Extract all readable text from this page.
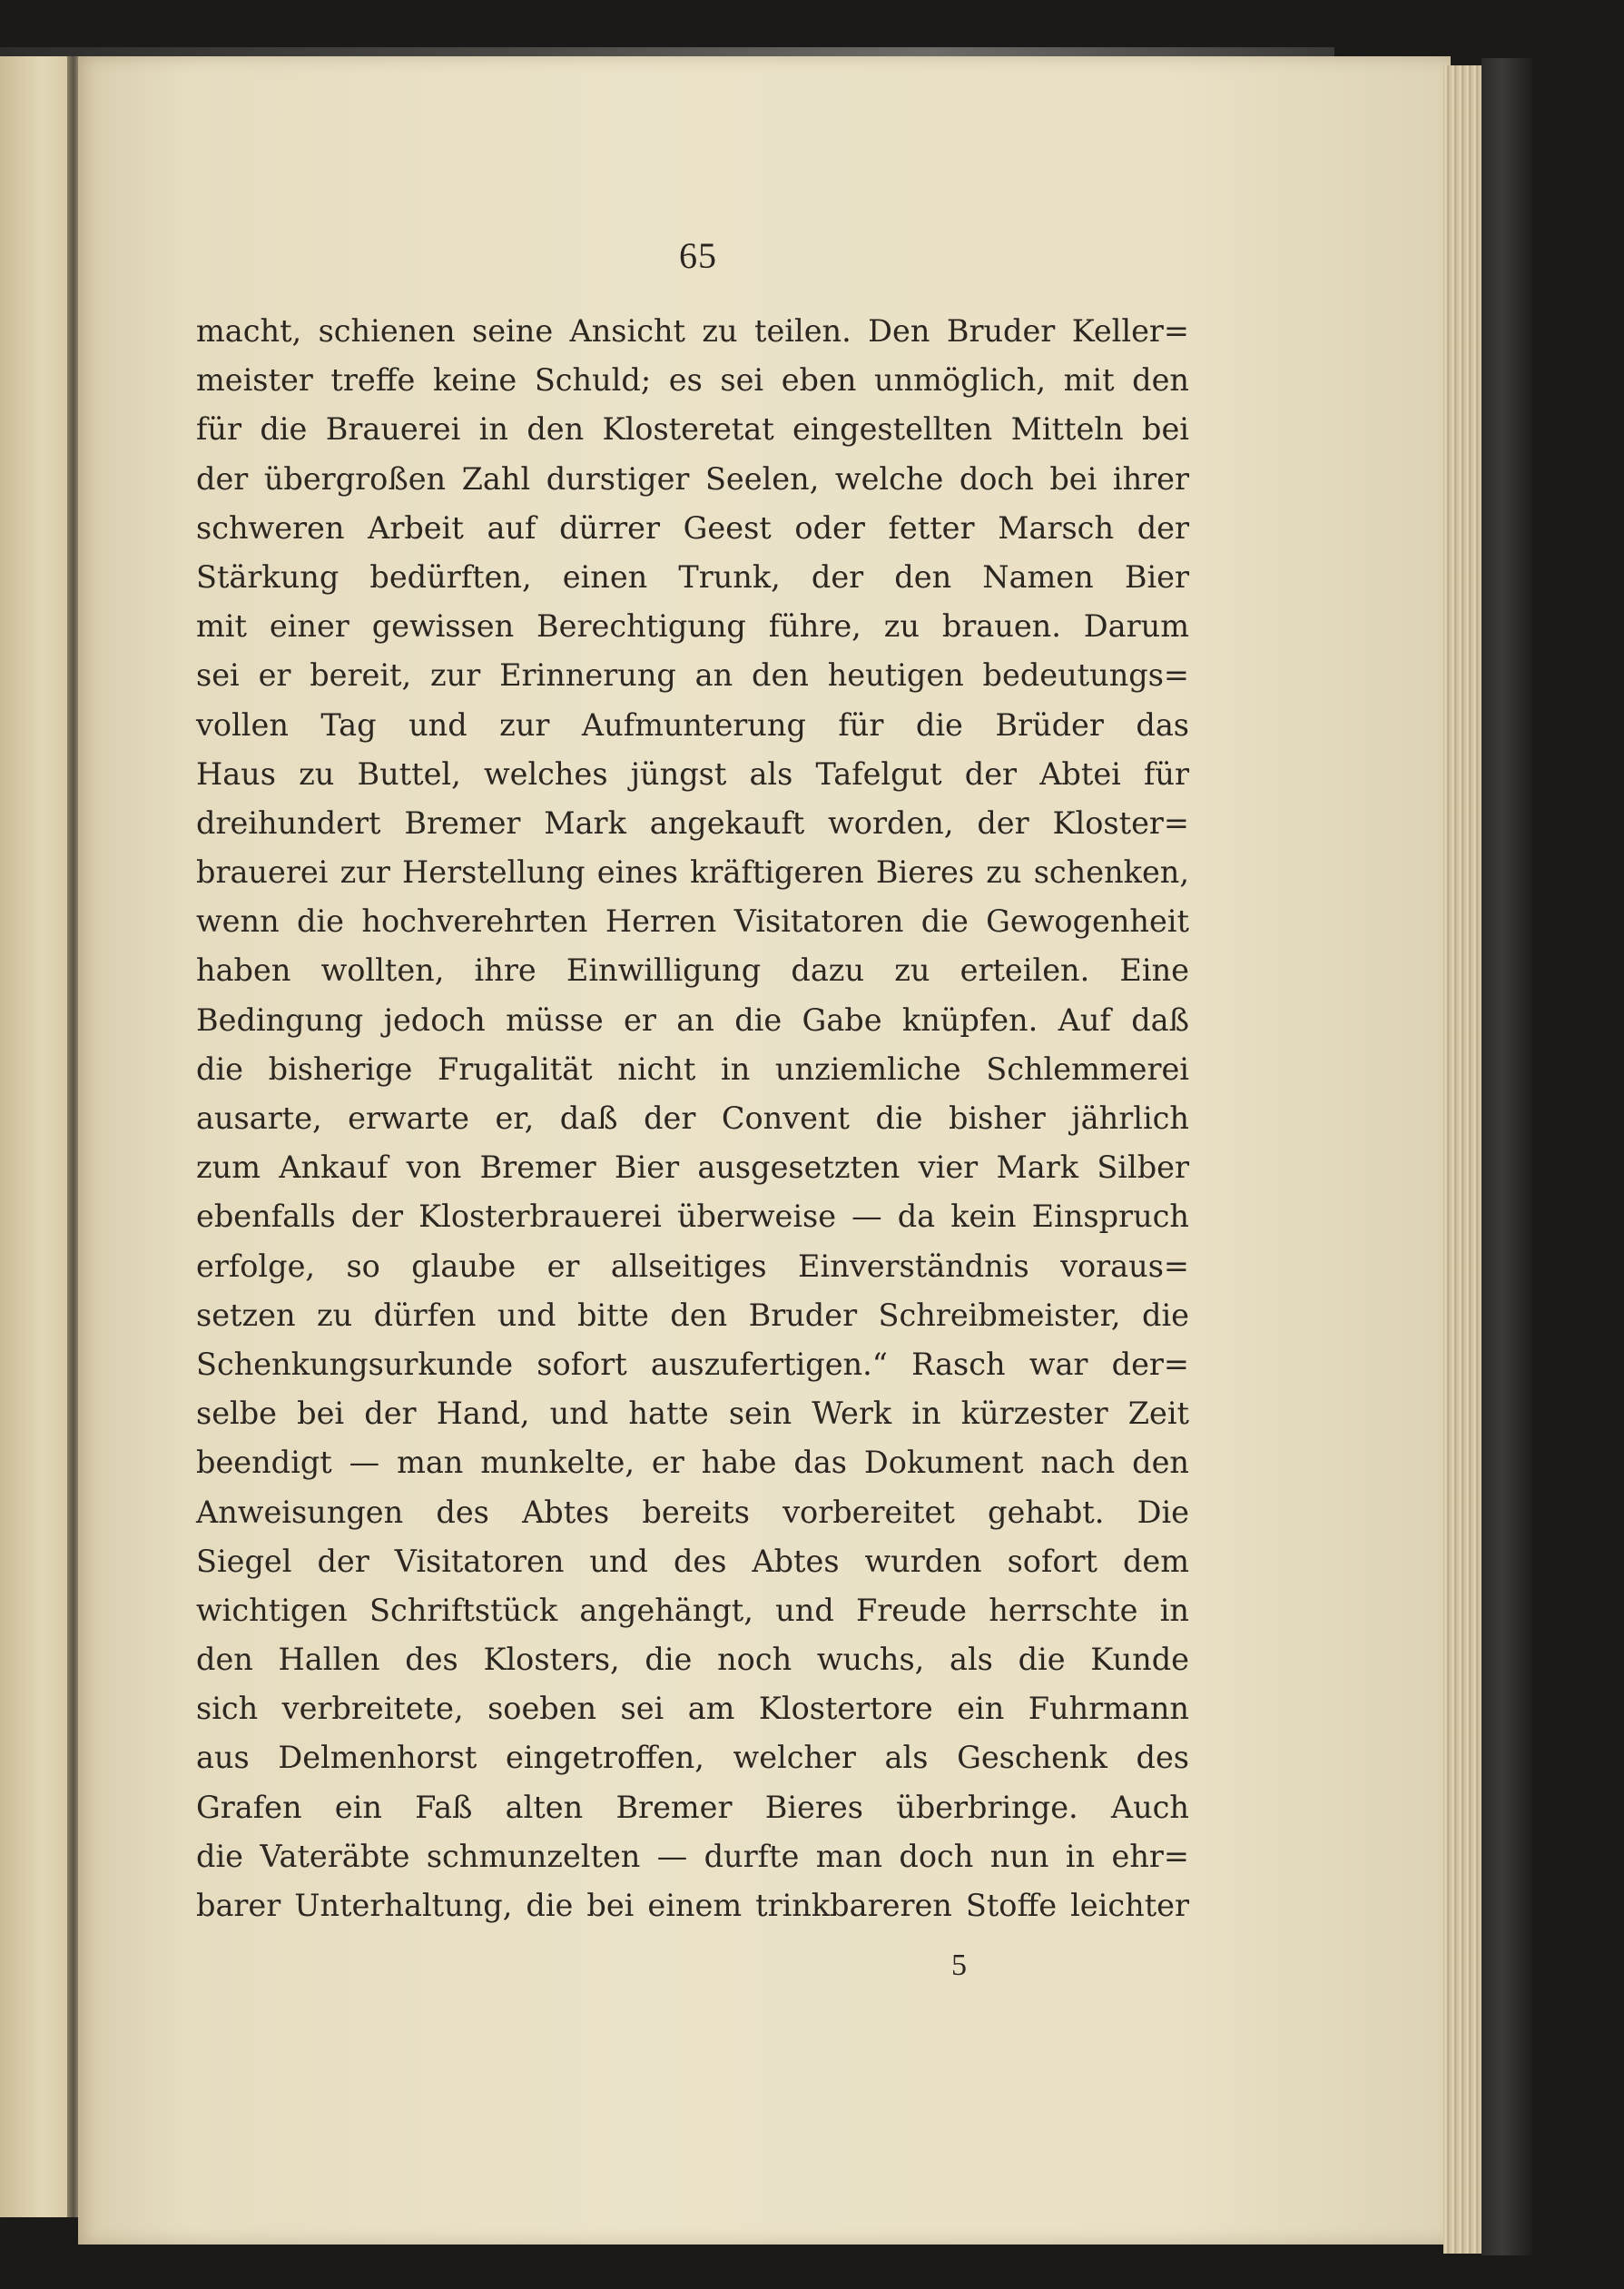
65
macht, schienen seine Ansicht zu teilen. Den Bruder Keller=
meister treffe keine Schuld; es sei eben unmöglich, mit den
für die Brauerei in den Klosteretat eingestellten Mitteln bei
der übergroßen Zahl durstiger Seelen, welche doch bei ihrer
schweren Arbeit auf dürrer Geest oder fetter Marsch der
Stärkung bedürften, einen Trunk, der den Namen Bier
mit einer gewissen Berechtigung führe, zu brauen. Darum
sei er bereit, zur Erinnerung an den heutigen bedeutungs=
vollen Tag und zur Aufmunterung für die Brüder das
Haus zu Buttel, welches jüngst als Tafelgut der Abtei für
dreihundert Bremer Mark angekauft worden, der Kloster=
brauerei zur Herstellung eines kräftigeren Bieres zu schenken,
wenn die hochverehrten Herren Visitatoren die Gewogenheit
haben wollten, ihre Einwilligung dazu zu erteilen. Eine
Bedingung jedoch müsse er an die Gabe knüpfen. Auf daß
die bisherige Frugalität nicht in unziemliche Schlemmerei
ausarte, erwarte er, daß der Convent die bisher jährlich
zum Ankauf von Bremer Bier ausgesetzten vier Mark Silber
ebenfalls der Klosterbrauerei überweise — da kein Einspruch
erfolge, so glaube er allseitiges Einverständnis voraus=
setzen zu dürfen und bitte den Bruder Schreibmeister, die
Schenkungsurkunde sofort auszufertigen.“ Rasch war der=
selbe bei der Hand, und hatte sein Werk in kürzester Zeit
beendigt — man munkelte, er habe das Dokument nach den
Anweisungen des Abtes bereits vorbereitet gehabt. Die
Siegel der Visitatoren und des Abtes wurden sofort dem
wichtigen Schriftstück angehängt, und Freude herrschte in
den Hallen des Klosters, die noch wuchs, als die Kunde
sich verbreitete, soeben sei am Klostertore ein Fuhrmann
aus Delmenhorst eingetroffen, welcher als Geschenk des
Grafen ein Faß alten Bremer Bieres überbringe. Auch
die Vateräbte schmunzelten — durfte man doch nun in ehr=
barer Unterhaltung, die bei einem trinkbareren Stoffe leichter
5
